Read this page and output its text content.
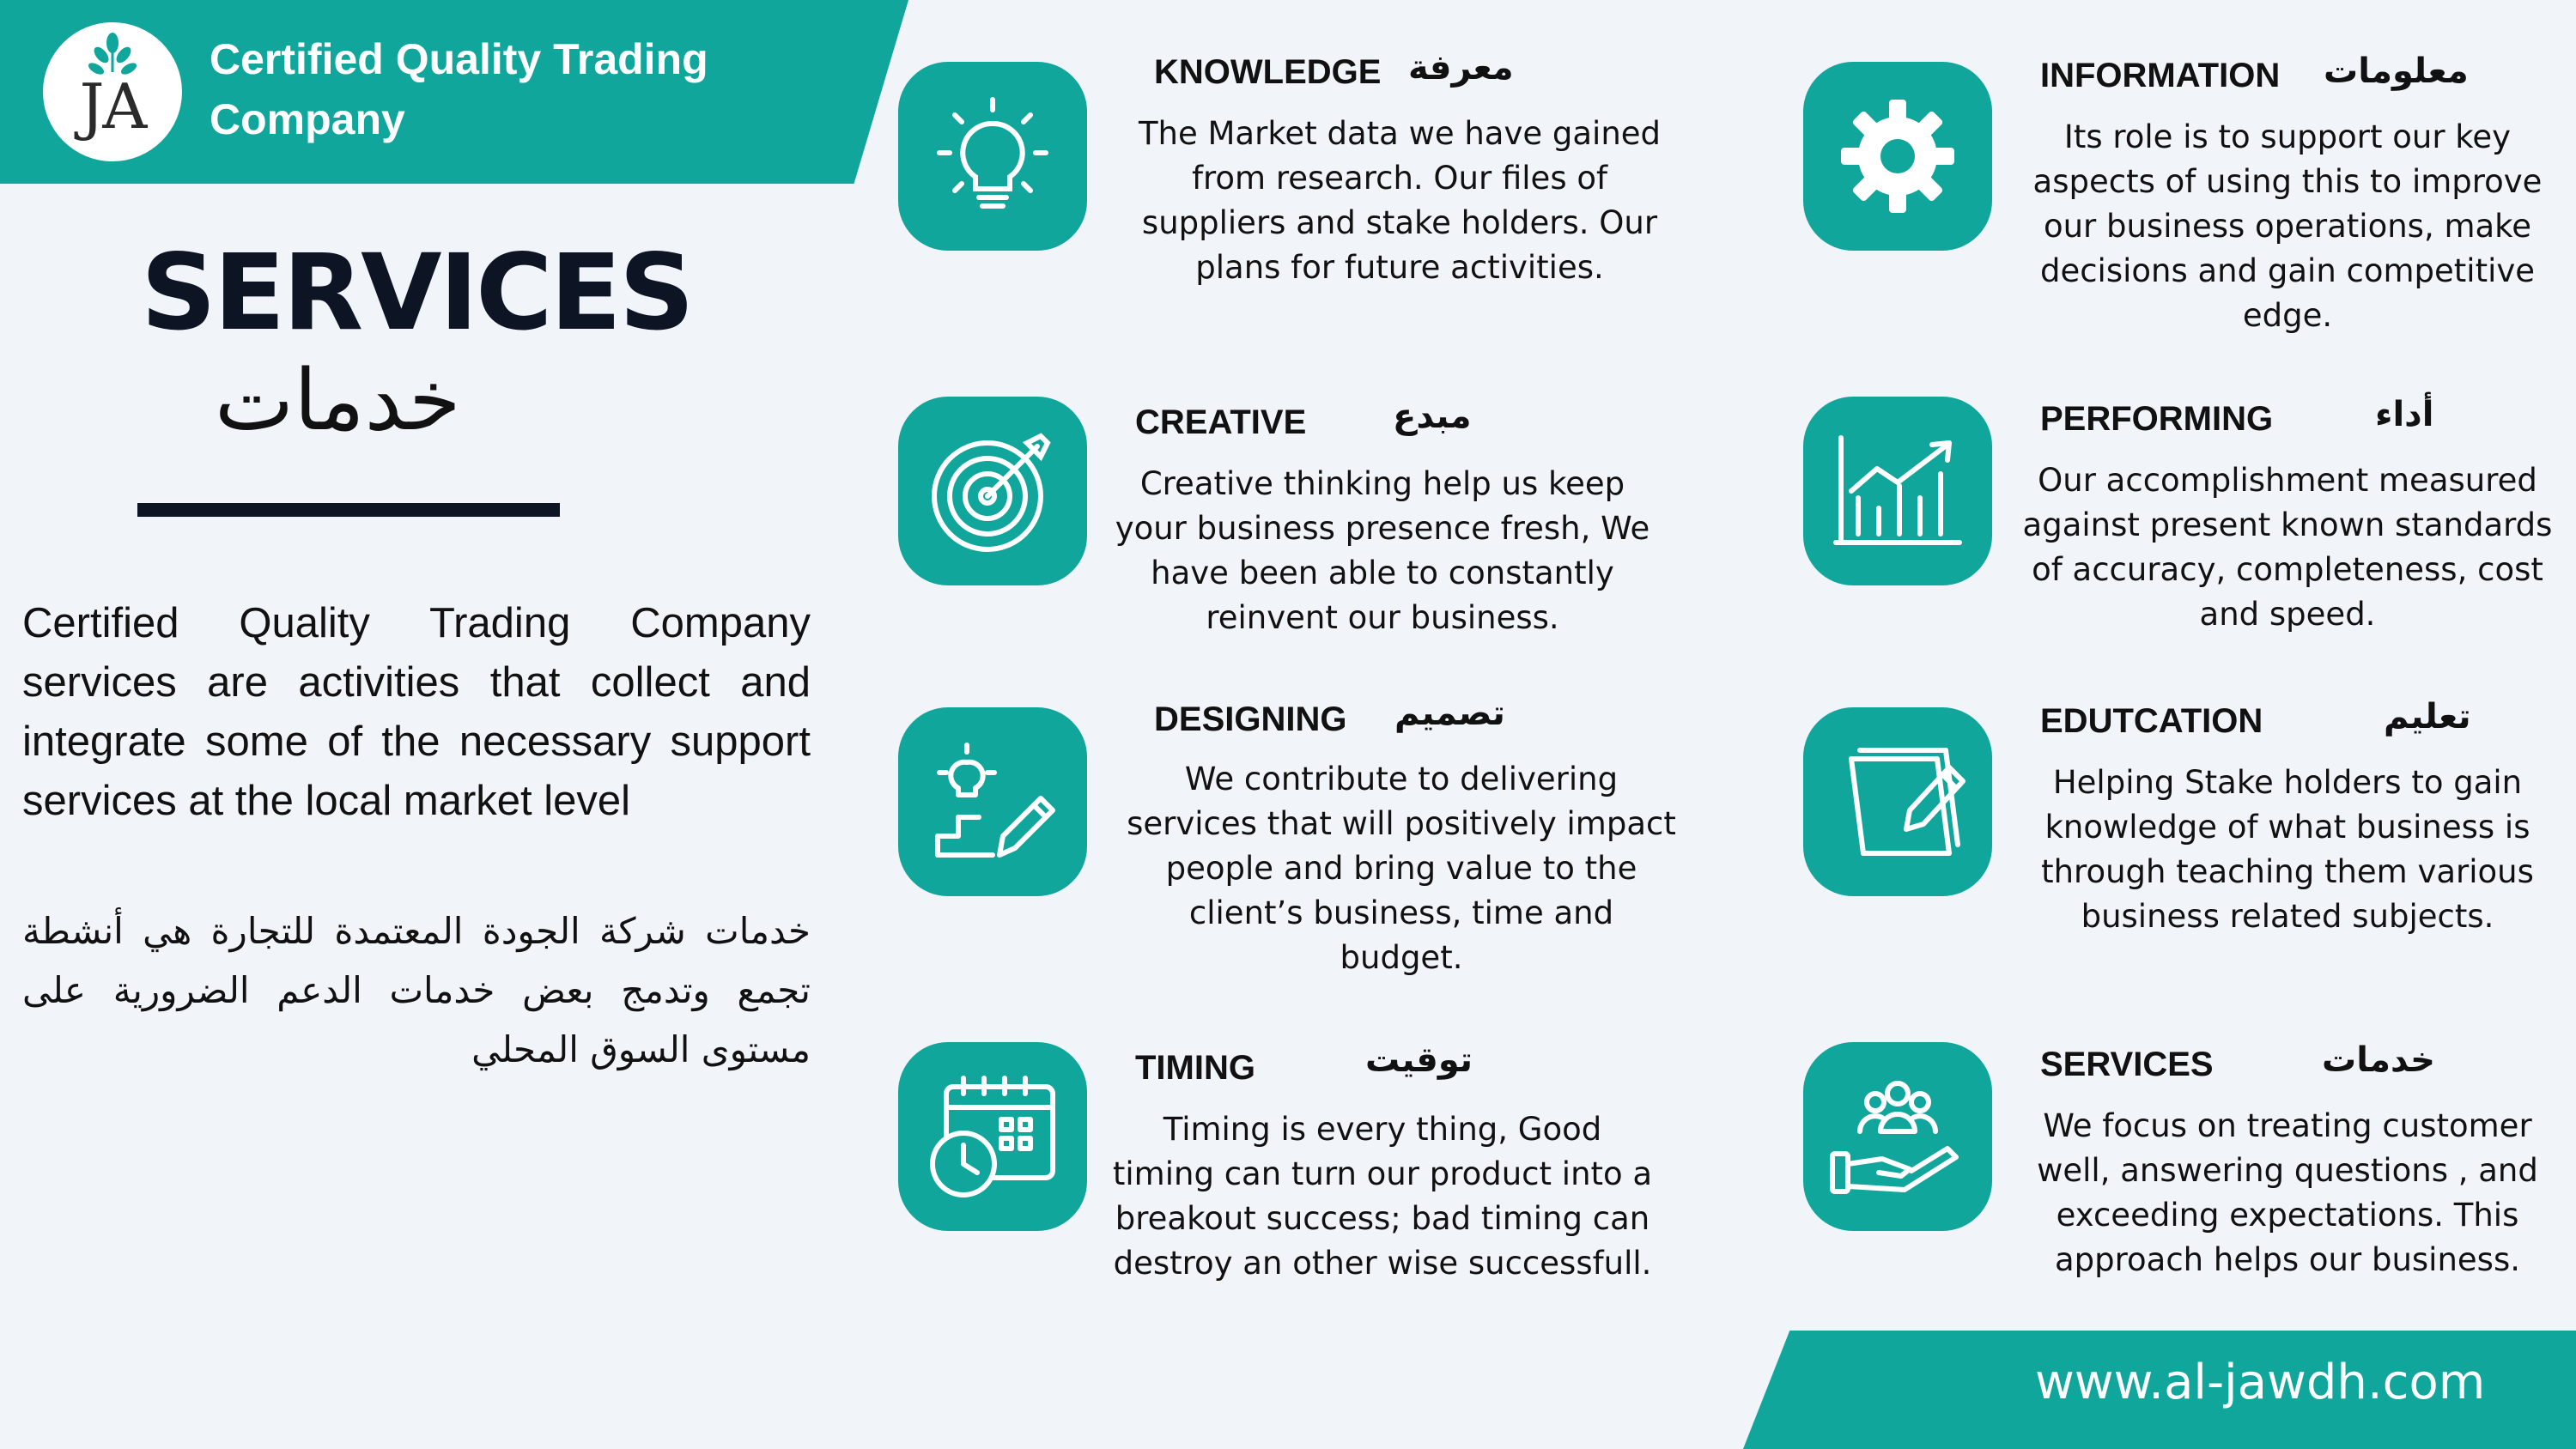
JA
Certified Quality Trading Company
SERVICES
خدمات
Certified Quality Trading Company services are activities that collect and integrate some of the necessary support services at the local market level
خدمات شركة الجودة المعتمدة للتجارة هي أنشطة تجمع وتدمج بعض خدمات الدعم الضرورية على مستوى السوق المحلي
KNOWLEDGE معرفة
The Market data we have gained from research. Our files of suppliers and stake holders. Our plans for future activities.
INFORMATION معلومات
Its role is to support our key aspects of using this to improve our business operations, make decisions and gain competitive edge.
CREATIVE	مبدع
Creative thinking help us keep your business presence fresh, We have been able to constantly reinvent our business.
PERFORMING	أداء
Our accomplishment measured against present known standards of accuracy, completeness, cost and speed.
DESIGNING تصميم
We contribute to delivering services that will positively impact people and bring value to the client’s business, time and budget.
EDUTCATION	تعليم
Helping Stake holders to gain knowledge of what business is through teaching them various business related subjects.
TIMING	توقيت
Timing is every thing, Good timing can turn our product into a breakout success; bad timing can destroy an other wise successfull.
SERVICES	خدمات
We focus on treating customer well, answering questions , and exceeding expectations. This approach helps our business.
www.al-jawdh.com
